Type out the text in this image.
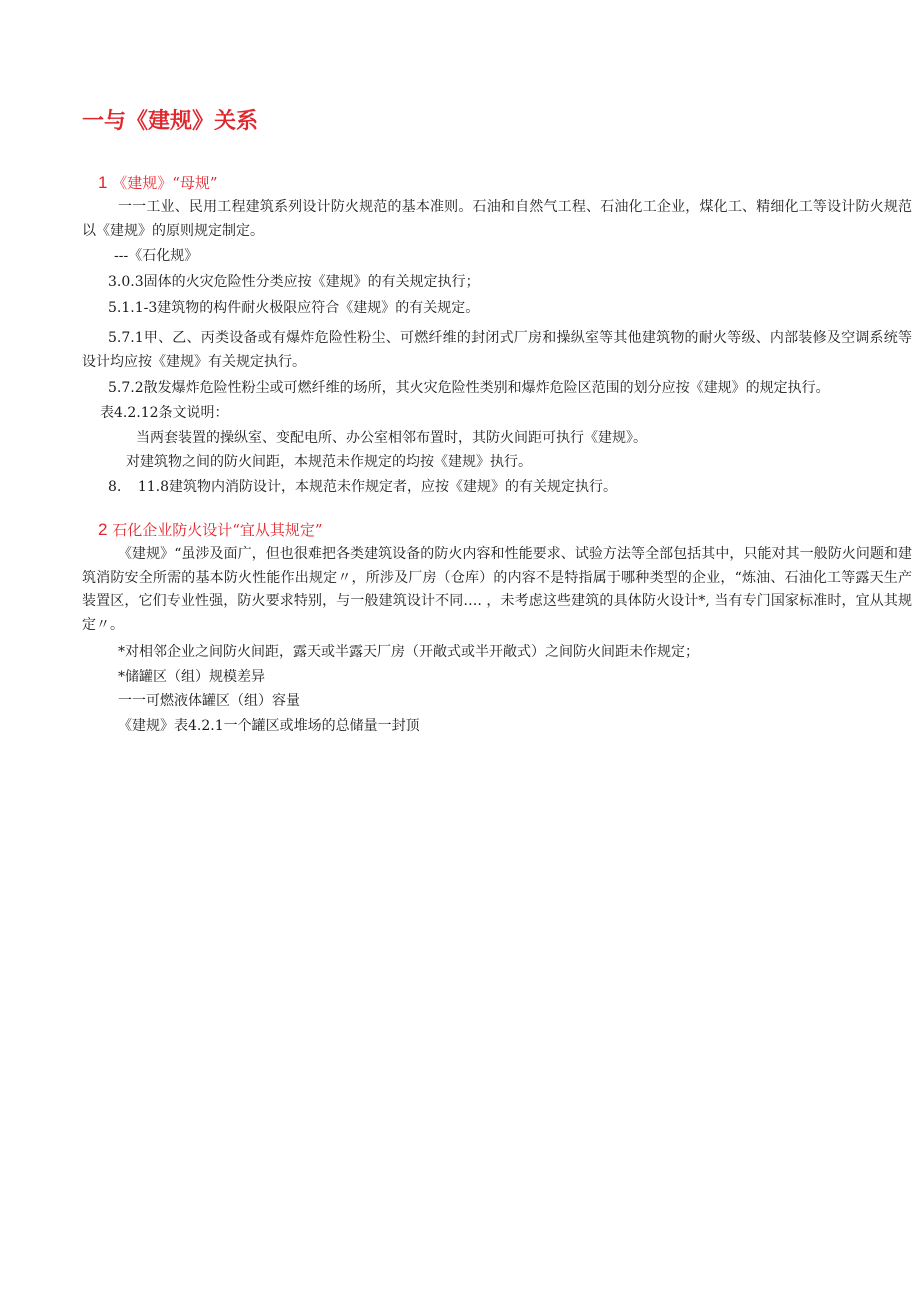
一与《建规》关系
1 《建规》“母规”

一一工业、民用工程建筑系列设计防火规范的基本准则。石油和自然气工程、石油化工企业，煤化工、精细化工等设计防火规范以《建规》的原则规定制定。

---《石化规》

3.0.3固体的火灾危险性分类应按《建规》的有关规定执行；

5.1.1-3建筑物的构件耐火极限应符合《建规》的有关规定。

5.7.1甲、乙、丙类设备或有爆炸危险性粉尘、可燃纤维的封闭式厂房和操纵室等其他建筑物的耐火等级、内部装修及空调系统等设计均应按《建规》有关规定执行。

5.7.2散发爆炸危险性粉尘或可燃纤维的场所，其火灾危险性类别和爆炸危险区范围的划分应按《建规》的规定执行。

表4.2.12条文说明：

当两套装置的操纵室、变配电所、办公室相邻布置时，其防火间距可执行《建规》。

对建筑物之间的防火间距，本规范未作规定的均按《建规》执行。

8. 11.8建筑物内消防设计，本规范未作规定者，应按《建规》的有关规定执行。
2 石化企业防火设计“宜从其规定”

《建规》“虽涉及面广，但也很难把各类建筑设备的防火内容和性能要求、试验方法等全部包括其中，只能对其一般防火问题和建筑消防安全所需的基本防火性能作出规定〃，所涉及厂房（仓库）的内容不是特指属于哪种类型的企业，“炼油、石油化工等露天生产装置区，它们专业性强，防火要求特别，与一般建筑设计不同…. ，未考虑这些建筑的具体防火设计*, 当有专门国家标准时，宜从其规定〃。

*对相邻企业之间防火间距，露天或半露天厂房（开敞式或半开敞式）之间防火间距未作规定；

*储罐区（组）规模差异

一一可燃液体罐区（组）容量

《建规》表4.2.1一个罐区或堆场的总储量一封顶
